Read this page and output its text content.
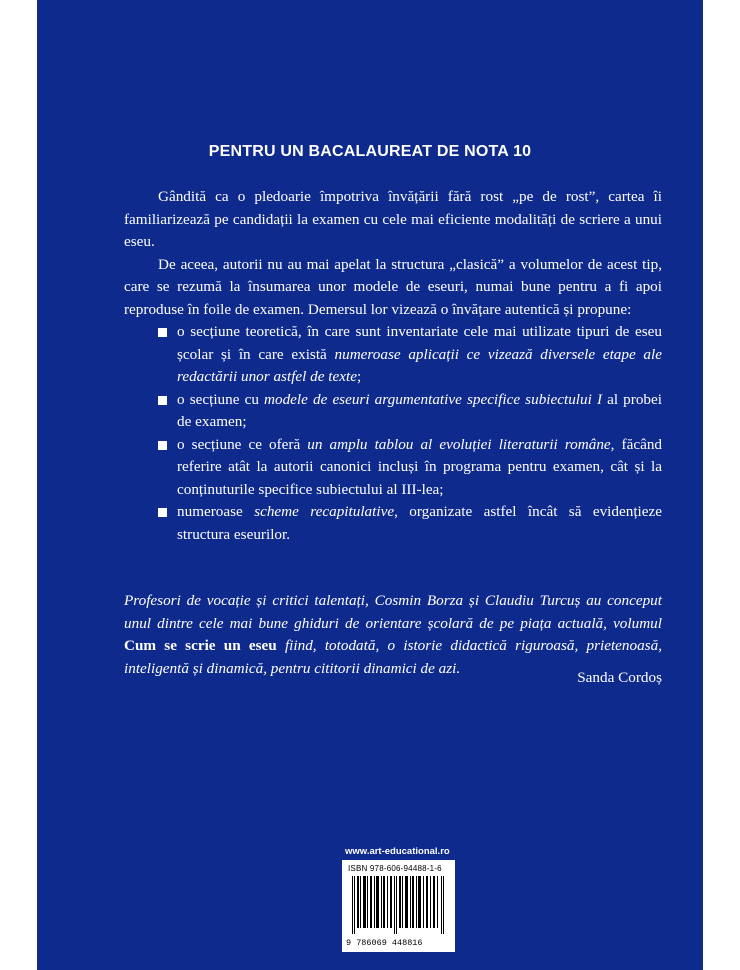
PENTRU UN BACALAUREAT DE NOTA 10

Gândită ca o pledoarie împotriva învățării fără rost „pe de rost”, cartea îi familiarizează pe candidații la examen cu cele mai eficiente modalități de scriere a unui eseu.

De aceea, autorii nu au mai apelat la structura „clasică” a volumelor de acest tip, care se rezumă la însumarea unor modele de eseuri, numai bune pentru a fi apoi reproduse în foile de examen. Demersul lor vizează o învățare autentică și propune:

o secțiune teoretică, în care sunt inventariate cele mai utilizate tipuri de eseu școlar și în care există numeroase aplicații ce vizează diversele etape ale redactării unor astfel de texte;
o secțiune cu modele de eseuri argumentative specifice subiectului I al probei de examen;
o secțiune ce oferă un amplu tablou al evoluției literaturii române, făcând referire atât la autorii canonici incluși în programa pentru examen, cât și la conținuturile specifice subiectului al III-lea;
numeroase scheme recapitulative, organizate astfel încât să evidențieze structura eseurilor.
Profesori de vocație și critici talentați, Cosmin Borza și Claudiu Turcuș au conceput unul dintre cele mai bune ghiduri de orientare școlară de pe piața actuală, volumul Cum se scrie un eseu fiind, totodată, o istorie didactică riguroasă, prietenoasă, inteligentă și dinamică, pentru cititorii dinamici de azi.
Sanda Cordoș
www.art-educational.ro
ISBN 978-606-94488-1-6
9 786069 448816
